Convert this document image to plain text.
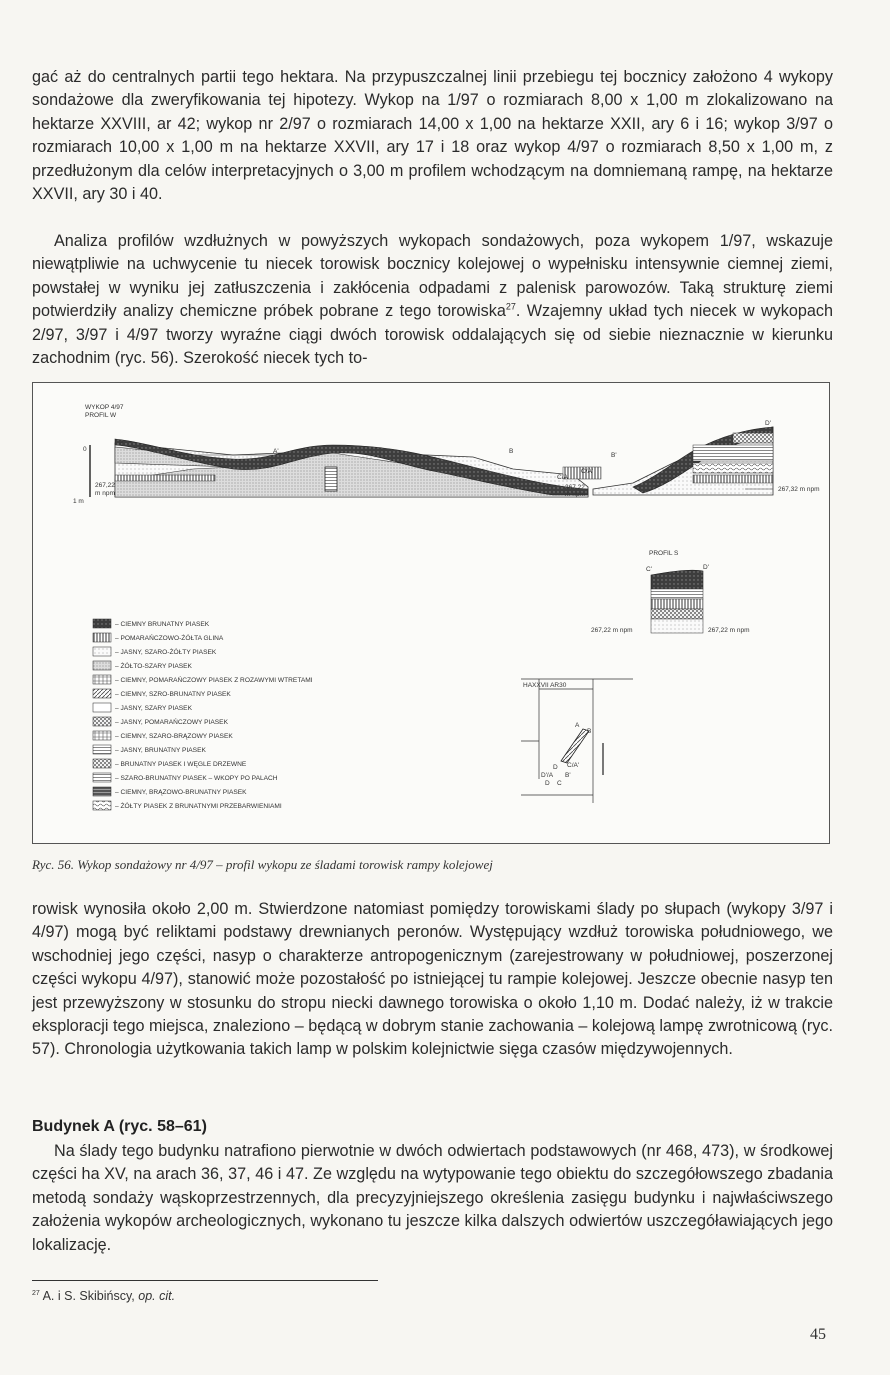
gać aż do centralnych partii tego hektara. Na przypuszczalnej linii przebiegu tej bocznicy założono 4 wykopy sondażowe dla zweryfikowania tej hipotezy. Wykop na 1/97 o rozmiarach 8,00 x 1,00 m zlokalizowano na hektarze XXVIII, ar 42; wykop nr 2/97 o rozmiarach 14,00 x 1,00 na hektarze XXII, ary 6 i 16; wykop 3/97 o rozmiarach 10,00 x 1,00 m na hektarze XXVII, ary 17 i 18 oraz wykop 4/97 o rozmiarach 8,50 x 1,00 m, z przedłużonym dla celów interpretacyjnych o 3,00 m profilem wchodzącym na domniemaną rampę, na hektarze XXVII, ary 30 i 40.

Analiza profilów wzdłużnych w powyższych wykopach sondażowych, poza wykopem 1/97, wskazuje niewątpliwie na uchwycenie tu niecek torowisk bocznicy kolejowej o wypełnisku intensywnie ciemnej ziemi, powstałej w wyniku jej zatłuszczenia i zakłócenia odpadami z palenisk parowozów. Taką strukturę ziemi potwierdziły analizy chemiczne próbek pobrane z tego torowiska$^{27}$. Wzajemny układ tych niecek w wykopach 2/97, 3/97 i 4/97 tworzy wyraźne ciągi dwóch torowisk oddalających się od siebie nieznacznie w kierunku zachodnim (ryc. 56). Szerokość niecek tych to-

WYKOP 4/97
PROFIL W
0
1 m
B
A	A'
267,22
m npm
B
B'
C/A
C/A'
D'
267,22
m npm
267,32 m npm
PROFIL S
C'	D'
267,22 m npm	267,22 m npm
HAXXVII AR30
A
B
D C/A'
D'/A B'
D C
– CIEMNY BRUNATNY PIASEK
– POMARAŃCZOWO-ŻÓŁTA GLINA
– JASNY, SZARO-ŻÓŁTY PIASEK
– ŻÓŁTO-SZARY PIASEK
– CIEMNY, POMARAŃCZOWY PIASEK Z ROZAWYMI WTRETAMI
– CIEMNY, SZRO-BRUNATNY PIASEK
– JASNY, SZARY PIASEK
– JASNY, POMARAŃCZOWY PIASEK
– CIEMNY, SZARO-BRĄZOWY PIASEK
– JASNY, BRUNATNY PIASEK
– BRUNATNY PIASEK I WĘGLE DRZEWNE
– SZARO-BRUNATNY PIASEK – WKOPY PO PALACH
– CIEMNY, BRĄZOWO-BRUNATNY PIASEK
– ŻÓŁTY PIASEK Z BRUNATNYMI PRZEBARWIENIAMI
Ryc. 56. Wykop sondażowy nr 4/97 – profil wykopu ze śladami torowisk rampy kolejowej

rowisk wynosiła około 2,00 m. Stwierdzone natomiast pomiędzy torowiskami ślady po słupach (wykopy 3/97 i 4/97) mogą być reliktami podstawy drewnianych peronów. Występujący wzdłuż torowiska południowego, we wschodniej jego części, nasyp o charakterze antropogenicznym (zarejestrowany w południowej, poszerzonej części wykopu 4/97), stanowić może pozostałość po istniejącej tu rampie kolejowej. Jeszcze obecnie nasyp ten jest przewyższony w stosunku do stropu niecki dawnego torowiska o około 1,10 m. Dodać należy, iż w trakcie eksploracji tego miejsca, znaleziono – będącą w dobrym stanie zachowania – kolejową lampę zwrotnicową (ryc. 57). Chronologia użytkowania takich lamp w polskim kolejnictwie sięga czasów międzywojennych.

Budynek A (ryc. 58–61)

Na ślady tego budynku natrafiono pierwotnie w dwóch odwiertach podstawowych (nr 468, 473), w środkowej części ha XV, na arach 36, 37, 46 i 47. Ze względu na wytypowanie tego obiektu do szczegółowszego zbadania metodą sondaży wąskoprzestrzennych, dla precyzyjniejszego określenia zasięgu budynku i najwłaściwszego założenia wykopów archeologicznych, wykonano tu jeszcze kilka dalszych odwiertów uszczegóławiających jego lokalizację.

$^{27}$ A. i S. Skibińscy, op. cit.
45
